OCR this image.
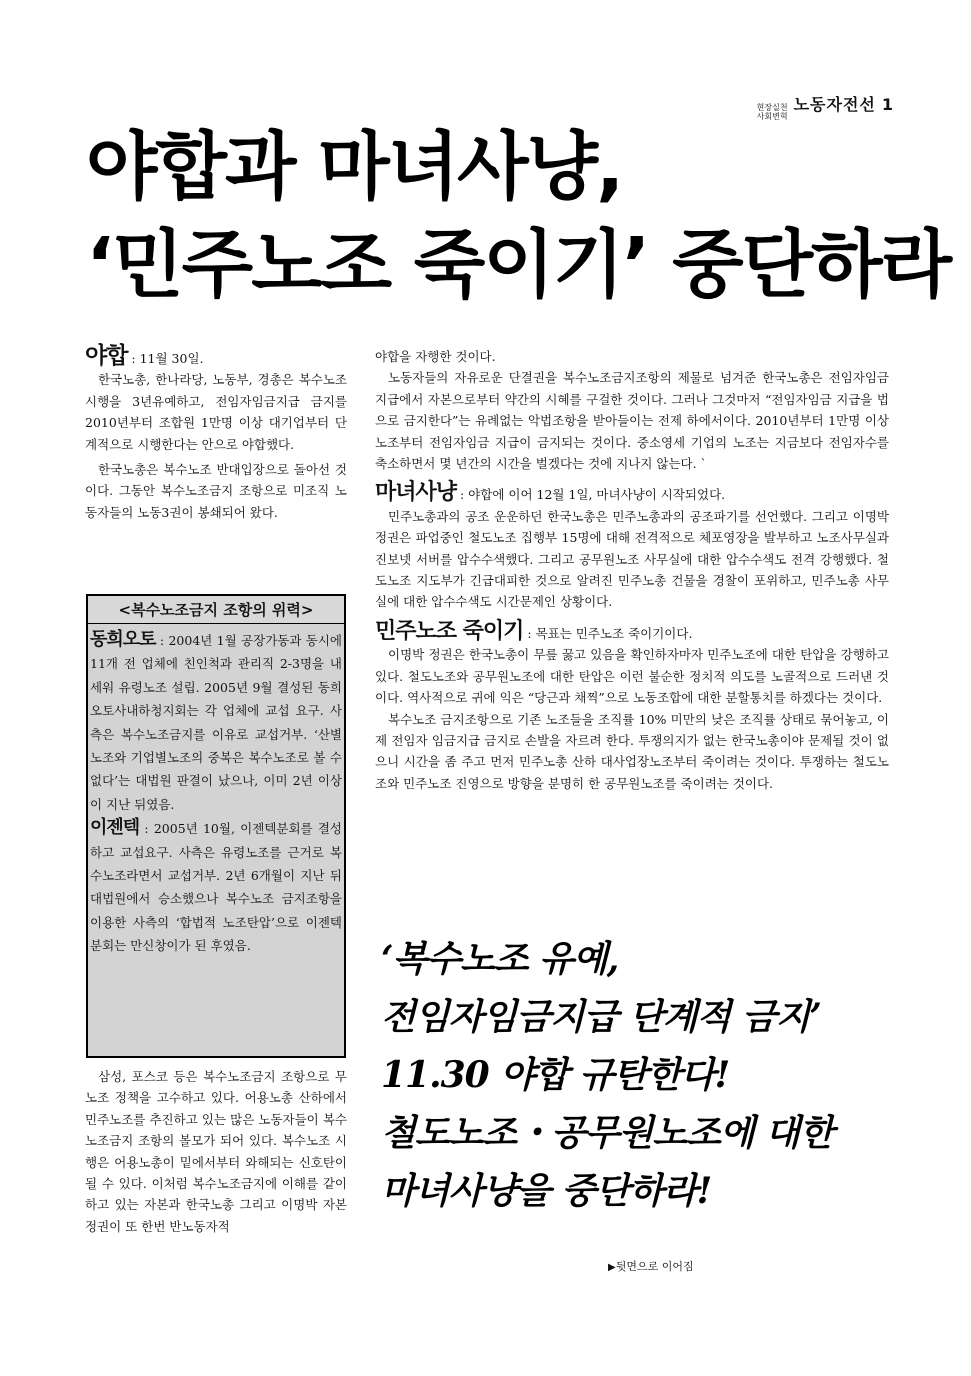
현장실천
사회변혁
노동자전선 1
야합과 마녀사냥,
‘민주노조 죽이기’ 중단하라

야합 : 11월 30일.

한국노총, 한나라당, 노동부, 경총은 복수노조 시행을 3년유예하고, 전임자임금지급 금지를 2010년부터 조합원 1만명 이상 대기업부터 단계적으로 시행한다는 안으로 야합했다.

한국노총은 복수노조 반대입장으로 돌아선 것이다. 그동안 복수노조금지 조항으로 미조직 노동자들의 노동3권이 봉쇄되어 왔다.

<복수노조금지 조항의 위력>

동희오토 : 2004년 1월 공장가동과 동시에 11개 전 업체에 친인척과 관리직 2-3명을 내세워 유령노조 설립. 2005년 9월 결성된 동희오토사내하청지회는 각 업체에 교섭 요구. 사측은 복수노조금지를 이유로 교섭거부. ‘산별노조와 기업별노조의 중복은 복수노조로 볼 수 없다’는 대법원 판결이 났으나, 이미 2년 이상이 지난 뒤였음.

이젠텍 : 2005년 10월, 이젠텍분회를 결성하고 교섭요구. 사측은 유령노조를 근거로 복수노조라면서 교섭거부. 2년 6개월이 지난 뒤 대법원에서 승소했으나 복수노조 금지조항을 이용한 사측의 ‘합법적 노조탄압’으로 이젠텍분회는 만신창이가 된 후였음.

삼성, 포스코 등은 복수노조금지 조항으로 무노조 정책을 고수하고 있다. 어용노총 산하에서 민주노조를 추진하고 있는 많은 노동자들이 복수노조금지 조항의 볼모가 되어 있다. 복수노조 시행은 어용노총이 밑에서부터 와해되는 신호탄이 될 수 있다. 이처럼 복수노조금지에 이해를 같이하고 있는 자본과 한국노총 그리고 이명박 자본정권이 또 한번 반노동자적

야합을 자행한 것이다.

노동자들의 자유로운 단결권을 복수노조금지조항의 제물로 넘겨준 한국노총은 전임자임금 지급에서 자본으로부터 약간의 시혜를 구걸한 것이다. 그러나 그것마저 “전임자임금 지급을 법으로 금지한다”는 유례없는 악법조항을 받아들이는 전제 하에서이다. 2010년부터 1만명 이상 노조부터 전임자임금 지급이 금지되는 것이다. 중소영세 기업의 노조는 지금보다 전임자수를 축소하면서 몇 년간의 시간을 벌겠다는 것에 지나지 않는다. `

마녀사냥 : 야합에 이어 12월 1일, 마녀사냥이 시작되었다.

민주노총과의 공조 운운하던 한국노총은 민주노총과의 공조파기를 선언했다. 그리고 이명박정권은 파업중인 철도노조 집행부 15명에 대해 전격적으로 체포영장을 발부하고 노조사무실과 진보넷 서버를 압수수색했다. 그리고 공무원노조 사무실에 대한 압수수색도 전격 강행했다. 철도노조 지도부가 긴급대피한 것으로 알려진 민주노총 건물을 경찰이 포위하고, 민주노총 사무실에 대한 압수수색도 시간문제인 상황이다.

민주노조 죽이기 : 목표는 민주노조 죽이기이다.

이명박 정권은 한국노총이 무릎 꿇고 있음을 확인하자마자 민주노조에 대한 탄압을 강행하고 있다. 철도노조와 공무원노조에 대한 탄압은 이런 불순한 정치적 의도를 노골적으로 드러낸 것이다. 역사적으로 귀에 익은 “당근과 채찍”으로 노동조합에 대한 분할통치를 하겠다는 것이다.

복수노조 금지조항으로 기존 노조들을 조직률 10% 미만의 낮은 조직률 상태로 묶어놓고, 이제 전임자 임금지급 금지로 손발을 자르려 한다. 투쟁의지가 없는 한국노총이야 문제될 것이 없으니 시간을 좀 주고 먼저 민주노총 산하 대사업장노조부터 죽이려는 것이다. 투쟁하는 철도노조와 민주노조 진영으로 방향을 분명히 한 공무원노조를 죽이려는 것이다.

‘복수노조 유예,
전임자임금지급 단계적 금지’
11.30 야합 규탄한다!
철도노조・공무원노조에 대한
마녀사냥을 중단하라!
▶뒷면으로 이어짐
